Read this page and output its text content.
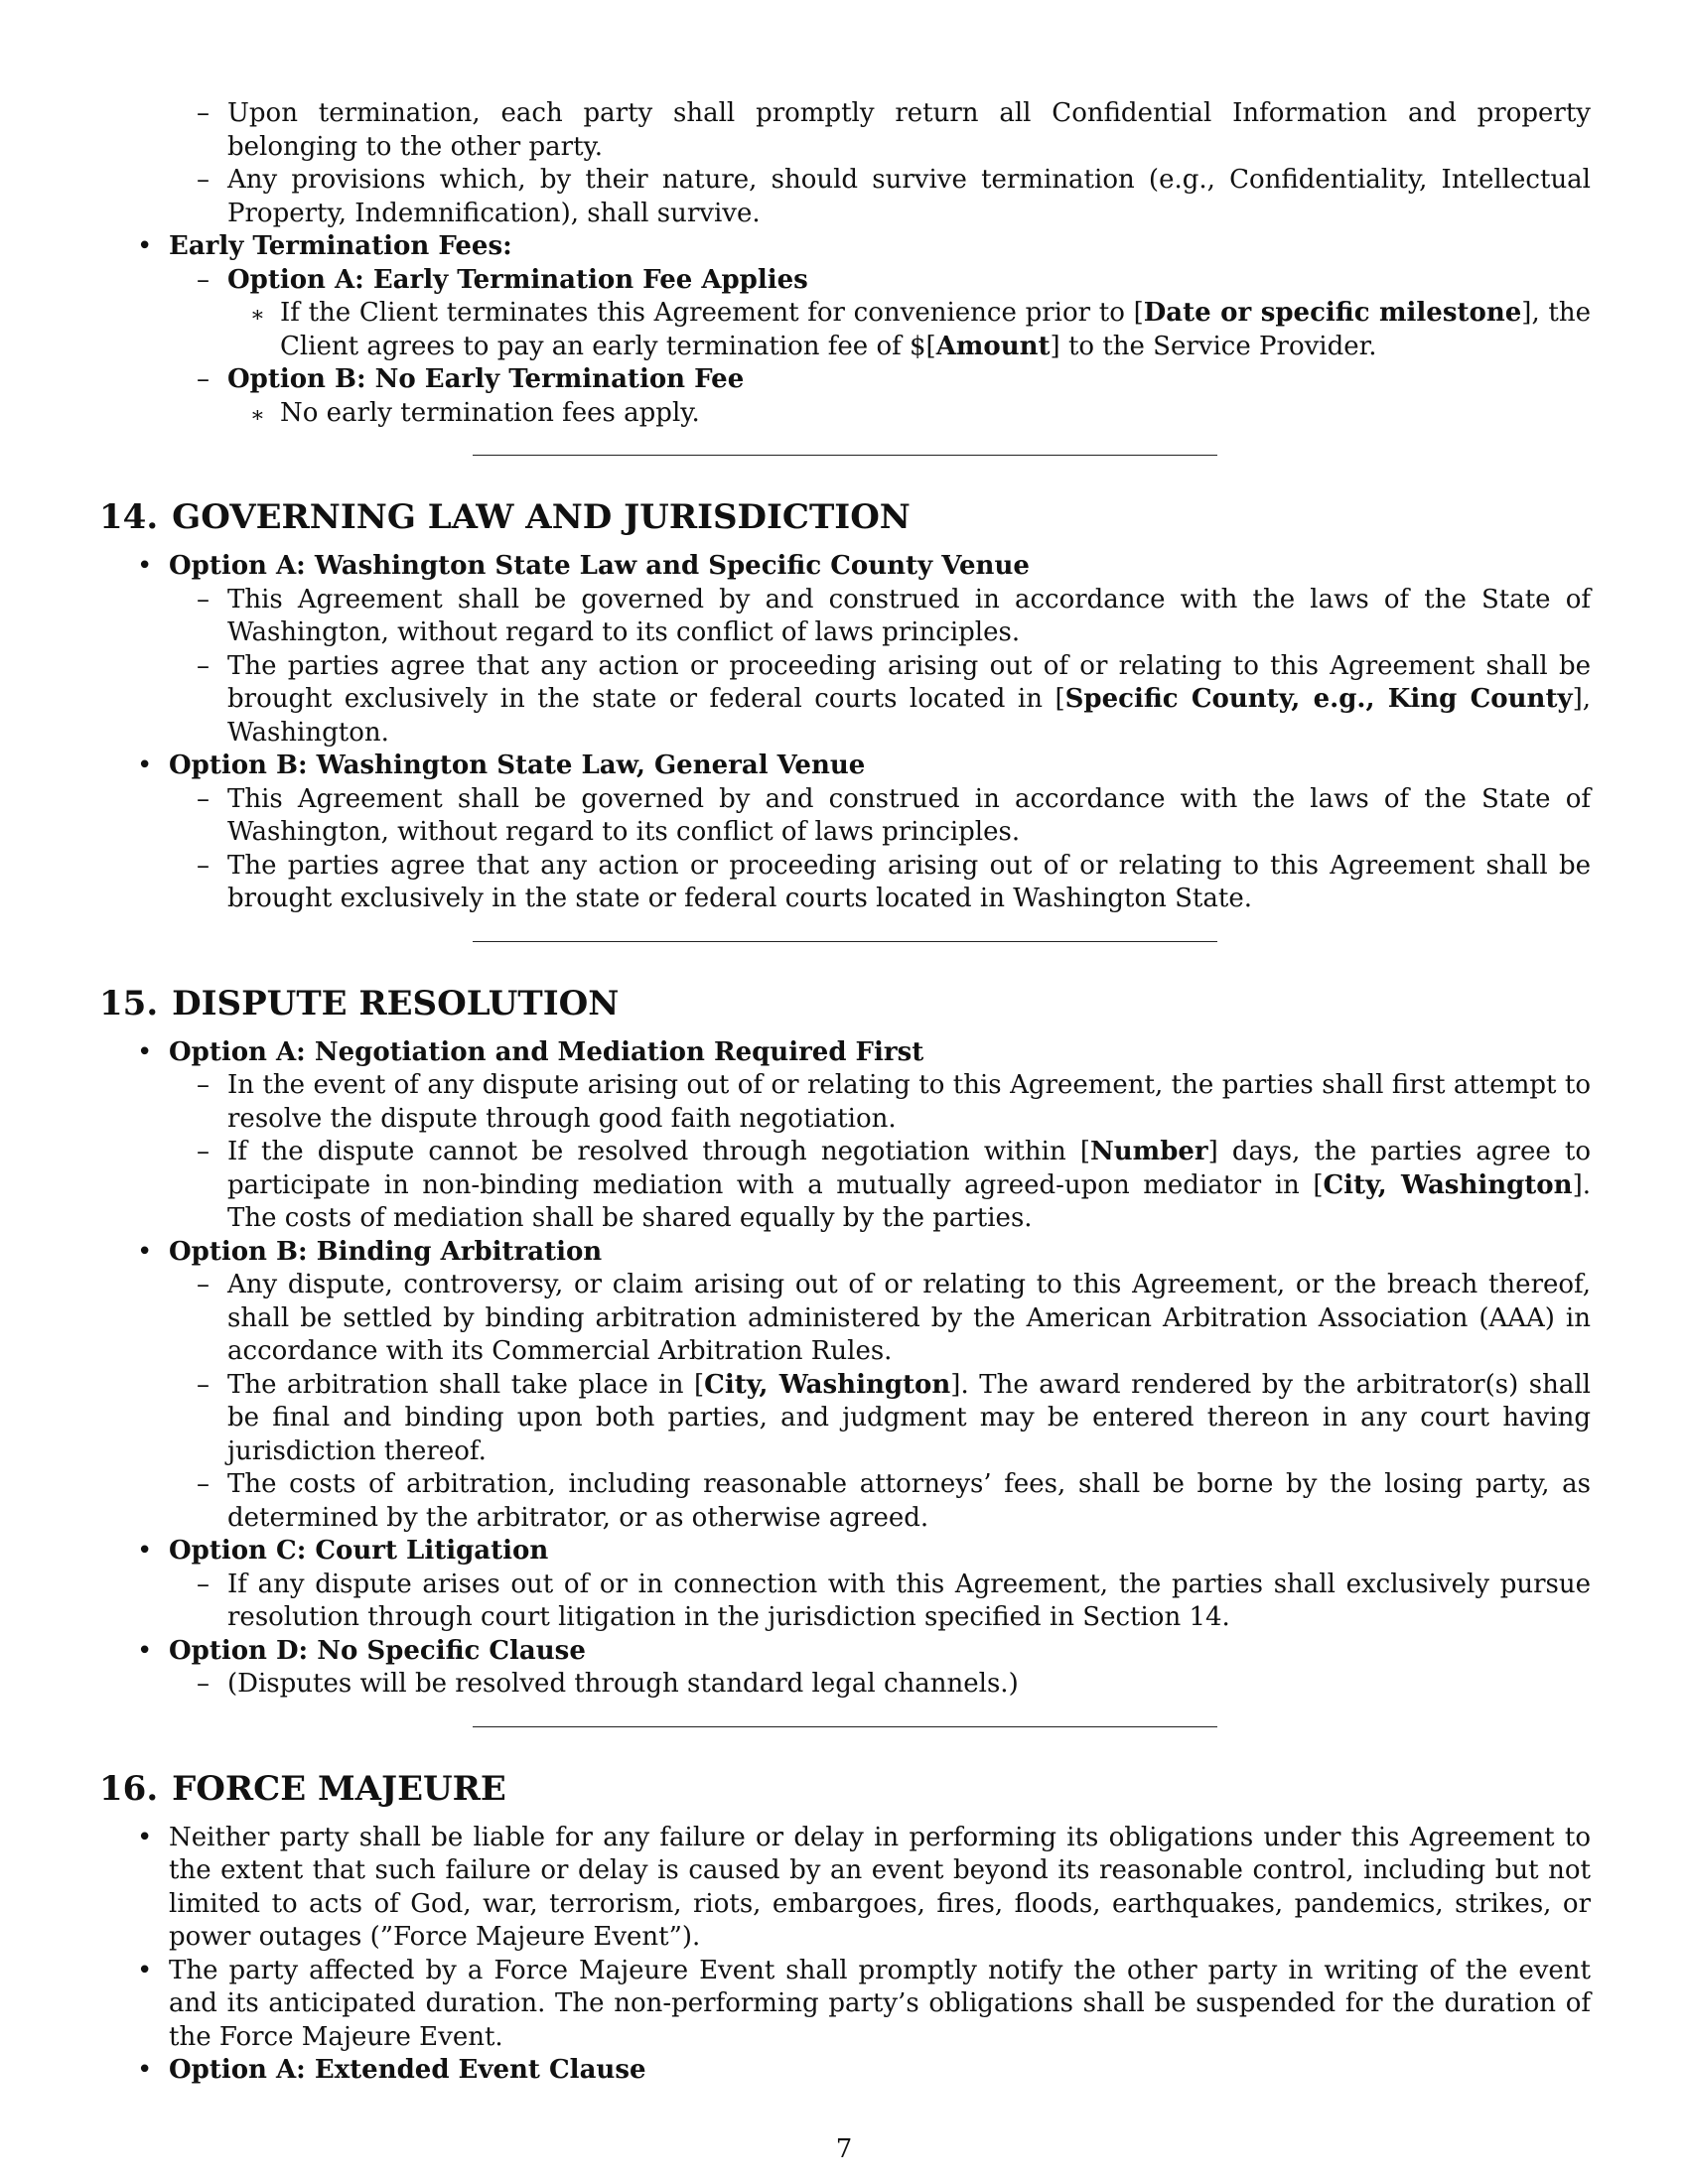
– Upon termination, each party shall promptly return all Confidential Information and property belonging to the other party.
– Any provisions which, by their nature, should survive termination (e.g., Confidentiality, Intellectual Property, Indemnification), shall survive.
• Early Termination Fees:
– Option A: Early Termination Fee Applies
∗ If the Client terminates this Agreement for convenience prior to [Date or specific milestone], the Client agrees to pay an early termination fee of $[Amount] to the Service Provider.
– Option B: No Early Termination Fee
∗ No early termination fees apply.
14. GOVERNING LAW AND JURISDICTION
• Option A: Washington State Law and Specific County Venue
– This Agreement shall be governed by and construed in accordance with the laws of the State of Washington, without regard to its conflict of laws principles.
– The parties agree that any action or proceeding arising out of or relating to this Agreement shall be brought exclusively in the state or federal courts located in [Specific County, e.g., King County], Washington.
• Option B: Washington State Law, General Venue
– This Agreement shall be governed by and construed in accordance with the laws of the State of Washington, without regard to its conflict of laws principles.
– The parties agree that any action or proceeding arising out of or relating to this Agreement shall be brought exclusively in the state or federal courts located in Washington State.
15. DISPUTE RESOLUTION
• Option A: Negotiation and Mediation Required First
– In the event of any dispute arising out of or relating to this Agreement, the parties shall first attempt to resolve the dispute through good faith negotiation.
– If the dispute cannot be resolved through negotiation within [Number] days, the parties agree to participate in non-binding mediation with a mutually agreed-upon mediator in [City, Washington]. The costs of mediation shall be shared equally by the parties.
• Option B: Binding Arbitration
– Any dispute, controversy, or claim arising out of or relating to this Agreement, or the breach thereof, shall be settled by binding arbitration administered by the American Arbitration Association (AAA) in accordance with its Commercial Arbitration Rules.
– The arbitration shall take place in [City, Washington]. The award rendered by the arbitrator(s) shall be final and binding upon both parties, and judgment may be entered thereon in any court having jurisdiction thereof.
– The costs of arbitration, including reasonable attorneys’ fees, shall be borne by the losing party, as determined by the arbitrator, or as otherwise agreed.
• Option C: Court Litigation
– If any dispute arises out of or in connection with this Agreement, the parties shall exclusively pursue resolution through court litigation in the jurisdiction specified in Section 14.
• Option D: No Specific Clause
– (Disputes will be resolved through standard legal channels.)
16. FORCE MAJEURE
• Neither party shall be liable for any failure or delay in performing its obligations under this Agreement to the extent that such failure or delay is caused by an event beyond its reasonable control, including but not limited to acts of God, war, terrorism, riots, embargoes, fires, floods, earthquakes, pandemics, strikes, or power outages (”Force Majeure Event”).
• The party affected by a Force Majeure Event shall promptly notify the other party in writing of the event and its anticipated duration. The non-performing party’s obligations shall be suspended for the duration of the Force Majeure Event.
• Option A: Extended Event Clause
7
